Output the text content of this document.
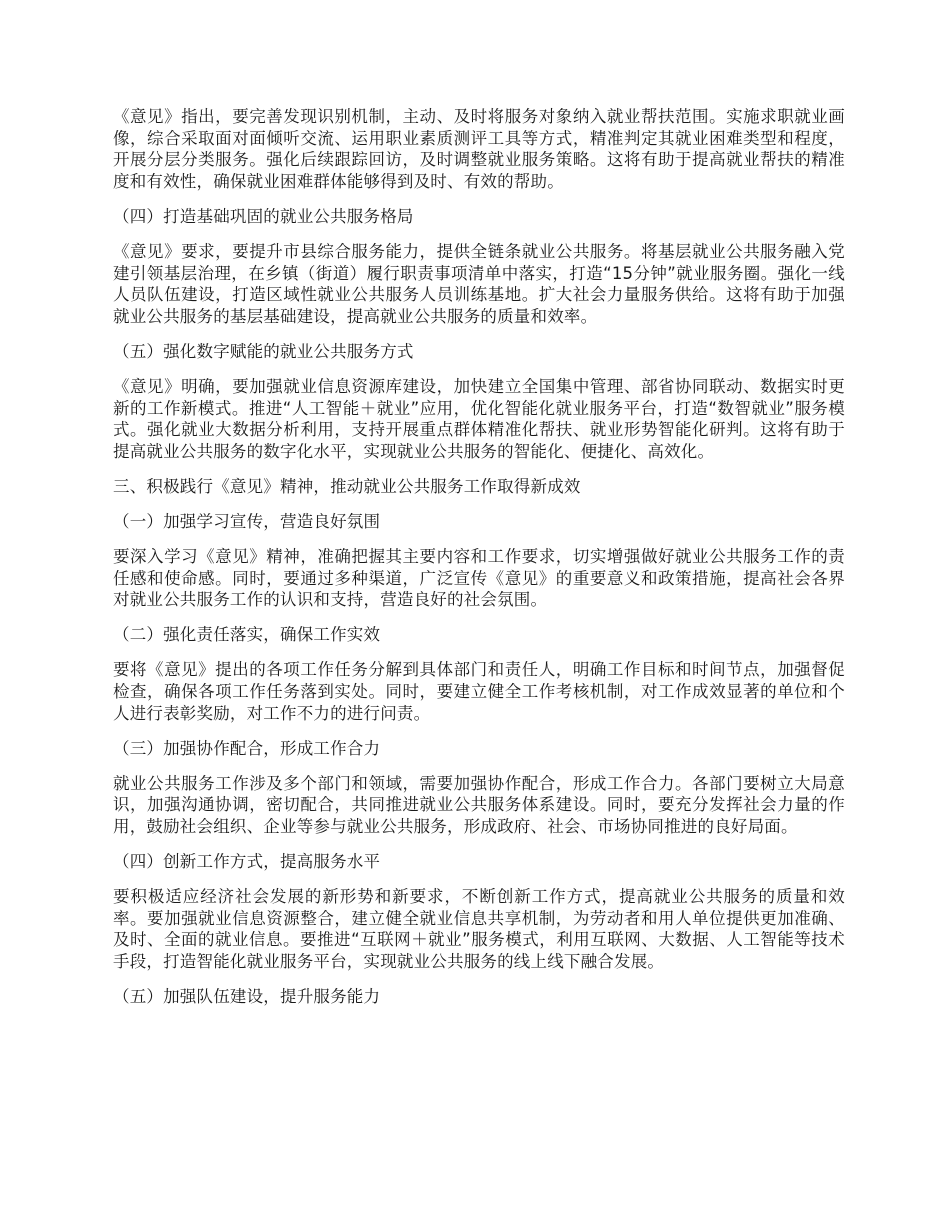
《意见》指出，要完善发现识别机制，主动、及时将服务对象纳入就业帮扶范围。实施求职就业画像，综合采取面对面倾听交流、运用职业素质测评工具等方式，精准判定其就业困难类型和程度，开展分层分类服务。强化后续跟踪回访，及时调整就业服务策略。这将有助于提高就业帮扶的精准度和有效性，确保就业困难群体能够得到及时、有效的帮助。

（四）打造基础巩固的就业公共服务格局

《意见》要求，要提升市县综合服务能力，提供全链条就业公共服务。将基层就业公共服务融入党建引领基层治理，在乡镇（街道）履行职责事项清单中落实，打造“15分钟”就业服务圈。强化一线人员队伍建设，打造区域性就业公共服务人员训练基地。扩大社会力量服务供给。这将有助于加强就业公共服务的基层基础建设，提高就业公共服务的质量和效率。

（五）强化数字赋能的就业公共服务方式

《意见》明确，要加强就业信息资源库建设，加快建立全国集中管理、部省协同联动、数据实时更新的工作新模式。推进“人工智能＋就业”应用，优化智能化就业服务平台，打造“数智就业”服务模式。强化就业大数据分析利用，支持开展重点群体精准化帮扶、就业形势智能化研判。这将有助于提高就业公共服务的数字化水平，实现就业公共服务的智能化、便捷化、高效化。

三、积极践行《意见》精神，推动就业公共服务工作取得新成效

（一）加强学习宣传，营造良好氛围

要深入学习《意见》精神，准确把握其主要内容和工作要求，切实增强做好就业公共服务工作的责任感和使命感。同时，要通过多种渠道，广泛宣传《意见》的重要意义和政策措施，提高社会各界对就业公共服务工作的认识和支持，营造良好的社会氛围。

（二）强化责任落实，确保工作实效

要将《意见》提出的各项工作任务分解到具体部门和责任人，明确工作目标和时间节点，加强督促检查，确保各项工作任务落到实处。同时，要建立健全工作考核机制，对工作成效显著的单位和个人进行表彰奖励，对工作不力的进行问责。

（三）加强协作配合，形成工作合力

就业公共服务工作涉及多个部门和领域，需要加强协作配合，形成工作合力。各部门要树立大局意识，加强沟通协调，密切配合，共同推进就业公共服务体系建设。同时，要充分发挥社会力量的作用，鼓励社会组织、企业等参与就业公共服务，形成政府、社会、市场协同推进的良好局面。

（四）创新工作方式，提高服务水平

要积极适应经济社会发展的新形势和新要求，不断创新工作方式，提高就业公共服务的质量和效率。要加强就业信息资源整合，建立健全就业信息共享机制，为劳动者和用人单位提供更加准确、及时、全面的就业信息。要推进“互联网＋就业”服务模式，利用互联网、大数据、人工智能等技术手段，打造智能化就业服务平台，实现就业公共服务的线上线下融合发展。

（五）加强队伍建设，提升服务能力
